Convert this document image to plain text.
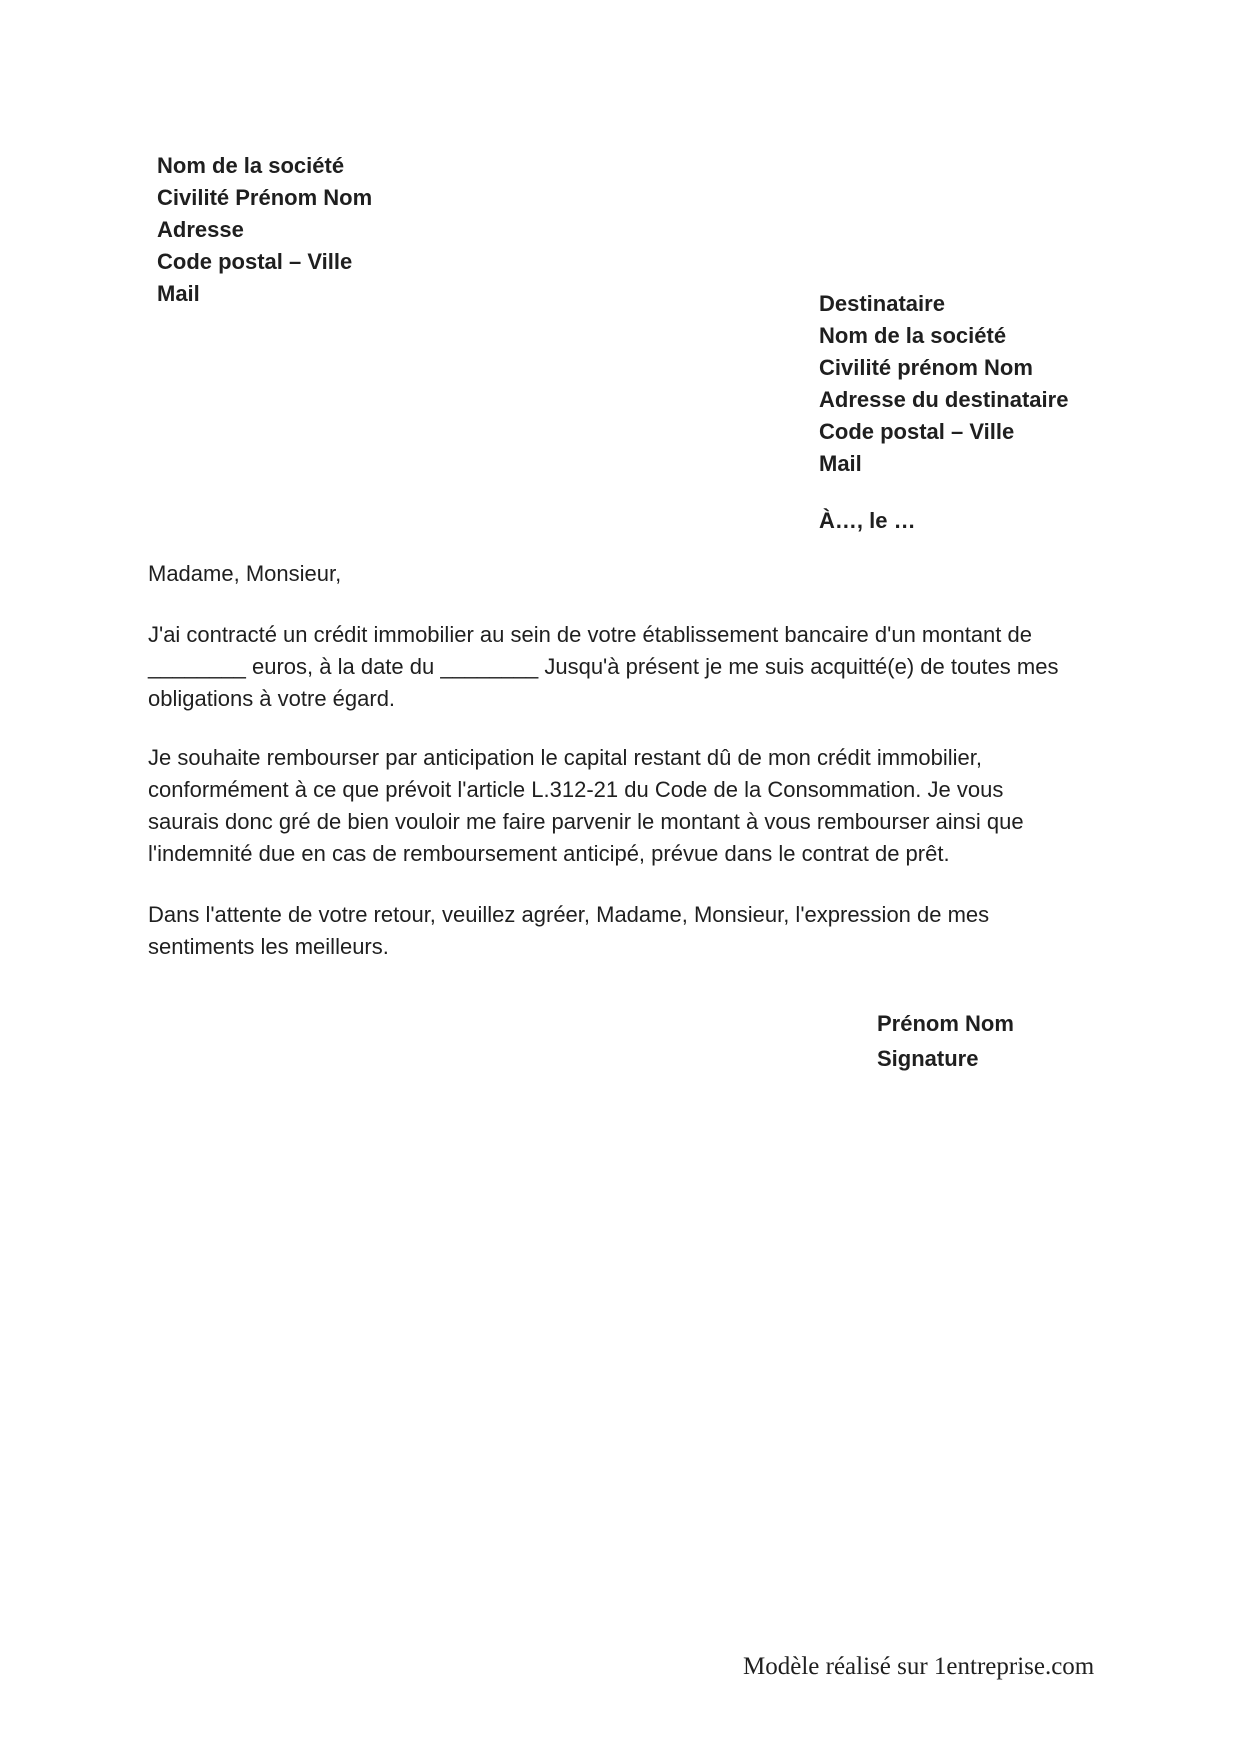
Nom de la société
Civilité Prénom Nom
Adresse
Code postal – Ville
Mail	Destinataire
Nom de la société
Civilité prénom Nom
Adresse du destinataire
Code postal – Ville
Mail
À…, le …
Madame, Monsieur,
J'ai contracté un crédit immobilier au sein de votre établissement bancaire d'un montant de
________ euros, à la date du ________ Jusqu'à présent je me suis acquitté(e) de toutes mes
obligations à votre égard.
Je souhaite rembourser par anticipation le capital restant dû de mon crédit immobilier,
conformément à ce que prévoit l'article L.312-21 du Code de la Consommation. Je vous
saurais donc gré de bien vouloir me faire parvenir le montant à vous rembourser ainsi que
l'indemnité due en cas de remboursement anticipé, prévue dans le contrat de prêt.
Dans l'attente de votre retour, veuillez agréer, Madame, Monsieur, l'expression de mes
sentiments les meilleurs.
Prénom Nom
Signature
Modèle réalisé sur 1entreprise.com
